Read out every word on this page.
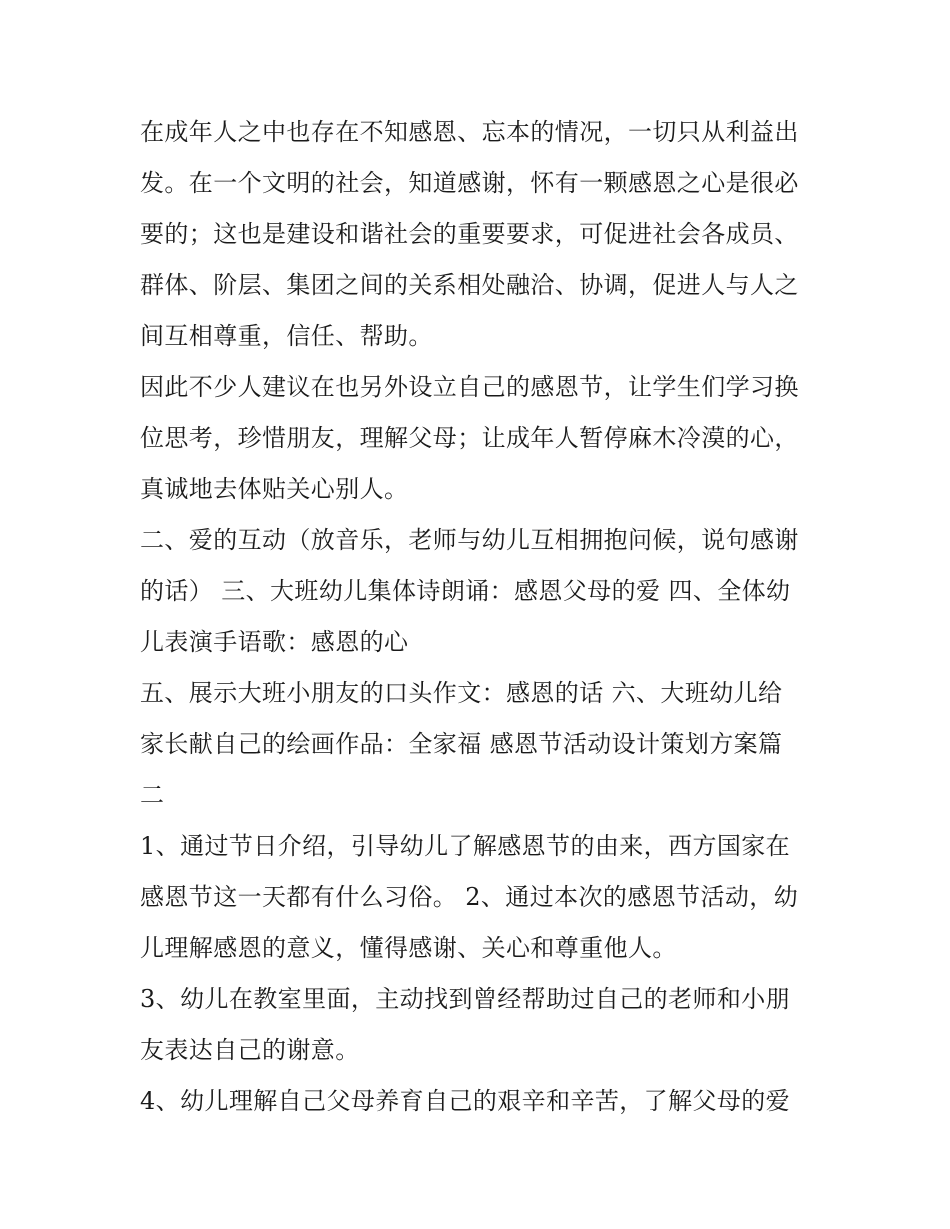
在成年人之中也存在不知感恩、忘本的情况，一切只从利益出
发。在一个文明的社会，知道感谢，怀有一颗感恩之心是很必
要的；这也是建设和谐社会的重要要求，可促进社会各成员、
群体、阶层、集团之间的关系相处融洽、协调，促进人与人之
间互相尊重，信任、帮助。
因此不少人建议在也另外设立自己的感恩节，让学生们学习换
位思考，珍惜朋友，理解父母；让成年人暂停麻木冷漠的心，
真诚地去体贴关心别人。
二、爱的互动（放音乐，老师与幼儿互相拥抱问候，说句感谢
的话） 三、大班幼儿集体诗朗诵：感恩父母的爱 四、全体幼
儿表演手语歌：感恩的心
五、展示大班小朋友的口头作文：感恩的话 六、大班幼儿给
家长献自己的绘画作品：全家福 感恩节活动设计策划方案篇
二
1、通过节日介绍，引导幼儿了解感恩节的由来，西方国家在
感恩节这一天都有什么习俗。 2、通过本次的感恩节活动，幼
儿理解感恩的意义，懂得感谢、关心和尊重他人。
3、幼儿在教室里面，主动找到曾经帮助过自己的老师和小朋
友表达自己的谢意。
4、幼儿理解自己父母养育自己的艰辛和辛苦，了解父母的爱
